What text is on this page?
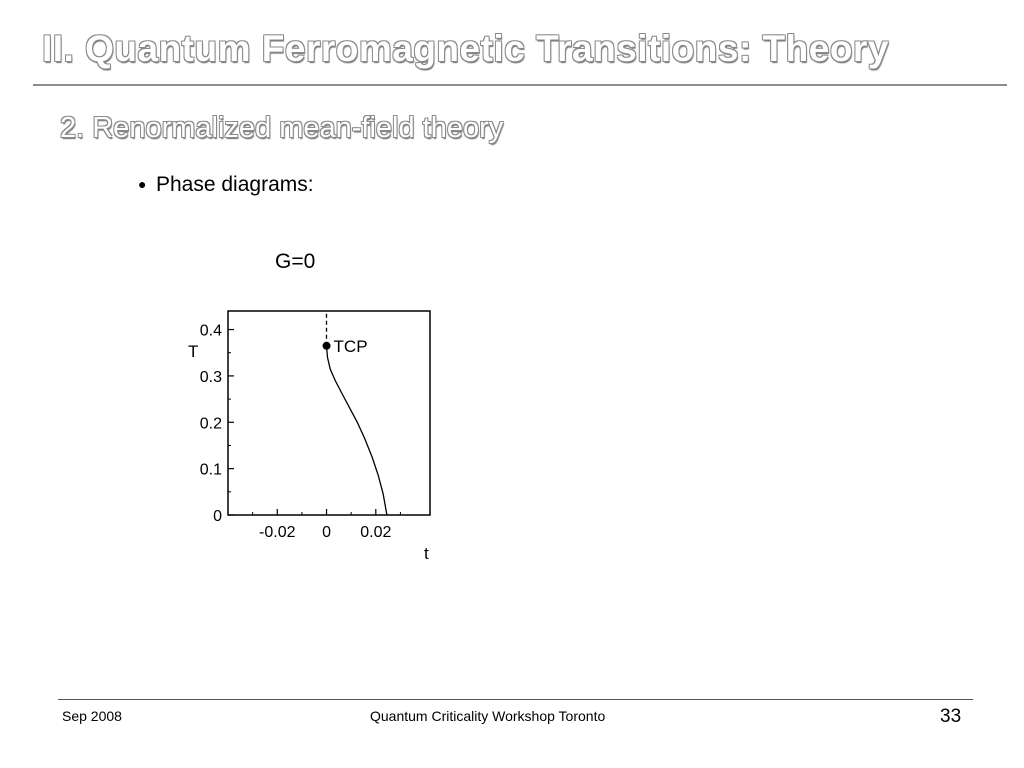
II. Quantum Ferromagnetic Transitions: Theory
2. Renormalized mean-field theory
● Phase diagrams:
G=0
0
0.1
0.2
0.3
0.4
-0.02 0 0.02
T
t
TCP
Sep 2008	Quantum Criticality Workshop Toronto	33
